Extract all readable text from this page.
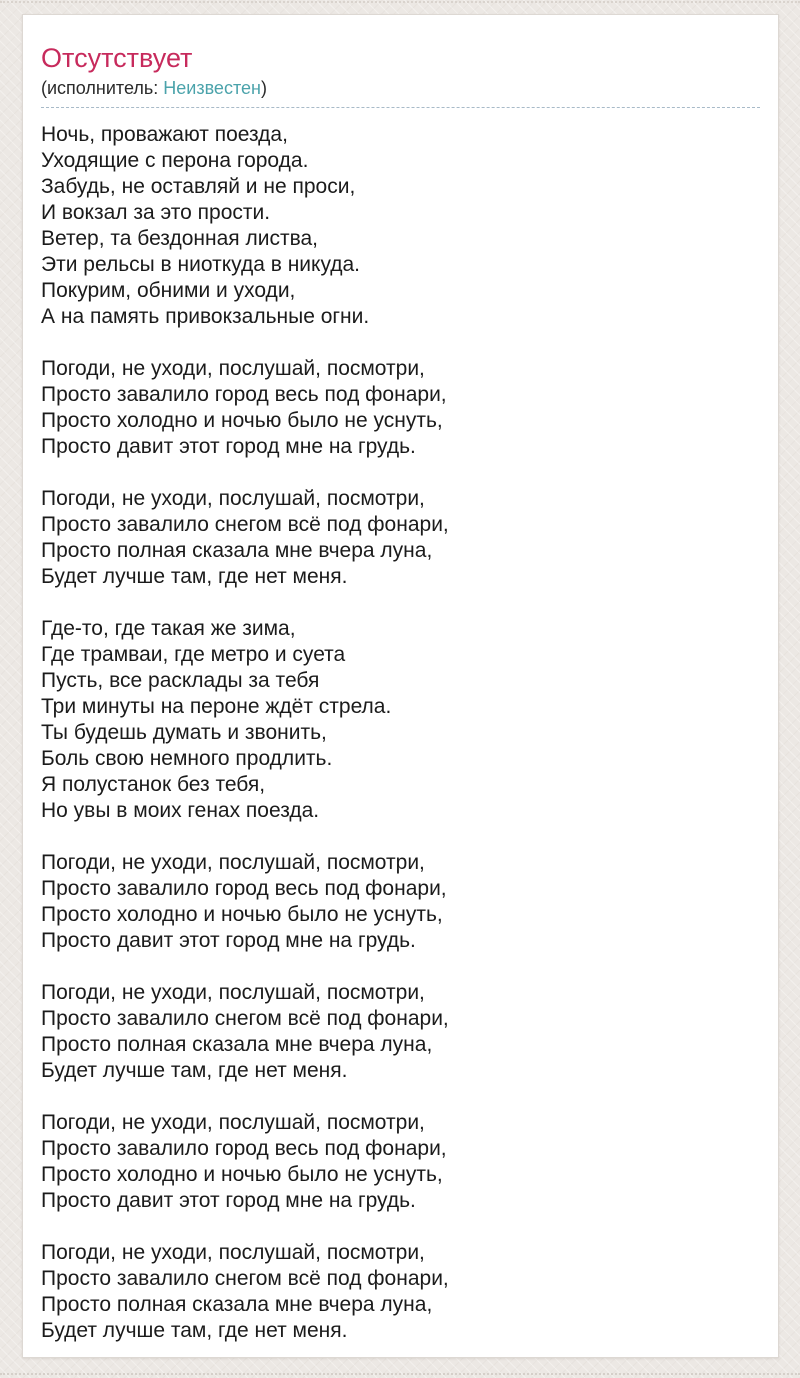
Отсутствует
(исполнитель: Неизвестен)
Ночь, проважают поезда,
Уходящие с перона города.
Забудь, не оставляй и не проси,
И вокзал за это прости.
Ветер, та бездонная листва,
Эти рельсы в ниоткуда в никуда.
Покурим, обними и уходи,
А на память привокзальные огни.
Погоди, не уходи, послушай, посмотри,
Просто завалило город весь под фонари,
Просто холодно и ночью было не уснуть,
Просто давит этот город мне на грудь.
Погоди, не уходи, послушай, посмотри,
Просто завалило снегом всё под фонари,
Просто полная сказала мне вчера луна,
Будет лучше там, где нет меня.
Где-то, где такая же зима,
Где трамваи, где метро и суета
Пусть, все расклады за тебя
Три минуты на пероне ждёт стрела.
Ты будешь думать и звонить,
Боль свою немного продлить.
Я полустанок без тебя,
Но увы в моих генах поезда.
Погоди, не уходи, послушай, посмотри,
Просто завалило город весь под фонари,
Просто холодно и ночью было не уснуть,
Просто давит этот город мне на грудь.
Погоди, не уходи, послушай, посмотри,
Просто завалило снегом всё под фонари,
Просто полная сказала мне вчера луна,
Будет лучше там, где нет меня.
Погоди, не уходи, послушай, посмотри,
Просто завалило город весь под фонари,
Просто холодно и ночью было не уснуть,
Просто давит этот город мне на грудь.
Погоди, не уходи, послушай, посмотри,
Просто завалило снегом всё под фонари,
Просто полная сказала мне вчера луна,
Будет лучше там, где нет меня.
